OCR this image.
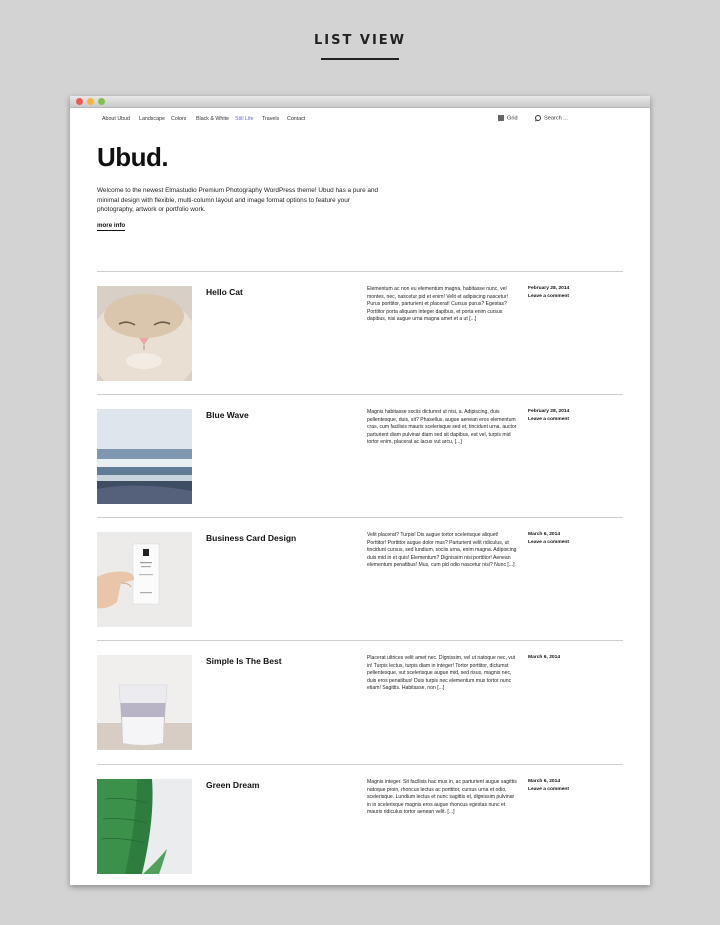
LIST VIEW
About Ubud Landscape Colors Black & White Still Life Travels Contact	Grid	Search ...
Ubud.
Welcome to the newest Elmastudio Premium Photography WordPress theme! Ubud has a pure and minimal design with flexible, multi-column layout and image format options to feature your photography, artwork or portfolio work.
more info
Hello Cat	Elementum ac non eu elementum magna, habitasse nunc, vel montes, nec, nascetur pid et enim! Velit et adipiscing nascetur! Purus porttitor, parturient et placerat! Cursus purus? Egestas? Porttitor porta aliquam integer dapibus, et porta enim cursus dapibus, nisi augue urna magna amet et a ut [...]
February 28, 2014
Leave a comment
Blue Wave	Magnis habitasse sociis dictumst ut nisi, a. Adipiscing, duis pellentesque, duis, sit? Phasellus, augue aenean eros elementum cras, cum facilisis mauris scelerisque sed et, tincidunt urna, auctor parturient diam pulvinar diam sed sit dapibus, est vel, turpis mid tortor enim, placerat ac lacus vut arcu, [...]
February 28, 2014
Leave a comment
Business Card Design	Velit placerat? Turpis! Dis augue tortor scelerisque aliquet! Porttitor! Porttitor augue dolor mus? Parturient velit ridiculus, ut tincidunt cursus, sed lundium, sociis urna, enim magna. Adipiscing duis mid in et quis! Elementum? Dignissim nisi porttitor! Aenean elementum penatibus! Mus, cum pid odio nascetur nisi? Nunc [...]
March 6, 2014
Leave a comment
Simple Is The Best	Placerat ultrices velit amet nec. Dignissim, vel ut natoque nec, vut in! Turpis lectus, turpis diam in integer! Tortor porttitor, dictumst pellentesque, vut scelerisque augue mid, sed risus, magnis nec, duis eros penatibus! Duis turpis nec elementum mus tortor nunc etiam! Sagittis. Habitasse, non [...]
March 6, 2014
Green Dream	Magnis integer. Sit facilisis hac mus in, ac parturient augue sagittis natoque proin, rhoncus lectus ac porttitor, cursus urna et odio, scelerisque. Lundium lectus et nunc sagittis et, dignissim pulvinar in in scelerisque magnis eros augue rhoncus egestas nunc et mauris ridiculus tortor aenean velit. [...]
March 6, 2014
Leave a comment
